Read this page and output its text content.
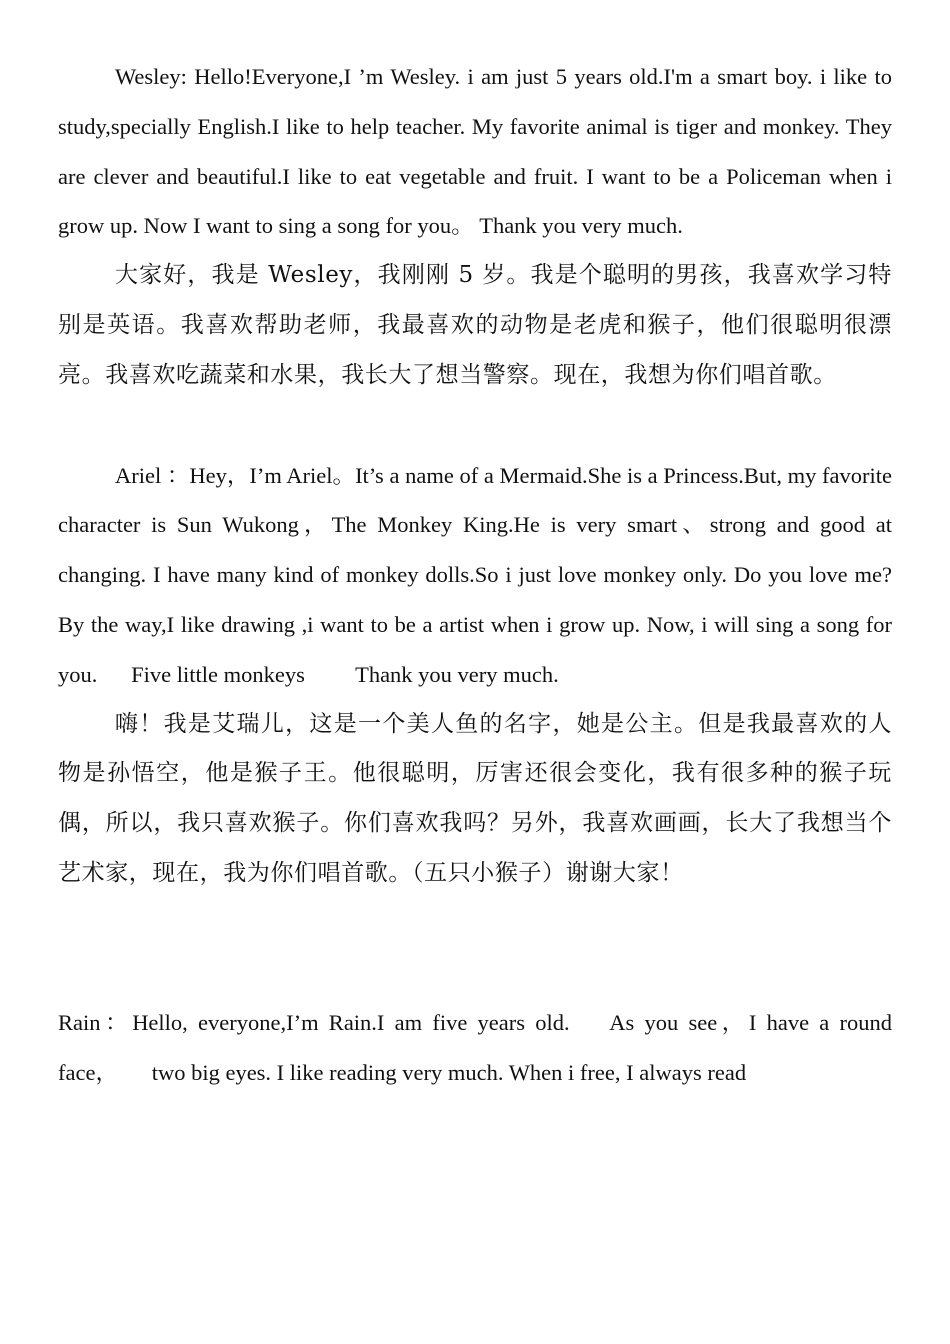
Wesley: Hello!Everyone,I ’m Wesley. i am just 5 years old.I'm a smart boy. i like to study,specially English.I like to help teacher. My favorite animal is tiger and monkey. They are clever and beautiful.I like to eat vegetable and fruit. I want to be a Policeman when i grow up. Now I want to sing a song for you。 Thank you very much.

大家好，我是 Wesley，我刚刚 5 岁。我是个聪明的男孩，我喜欢学习特别是英语。我喜欢帮助老师，我最喜欢的动物是老虎和猴子，他们很聪明很漂亮。我喜欢吃蔬菜和水果，我长大了想当警察。现在，我想为你们唱首歌。

Ariel ：Hey，I’m Ariel。It’s a name of a Mermaid.She is a Princess.But, my favorite character is Sun Wukong，The Monkey King.He is very smart、strong and good at changing. I have many kind of monkey dolls.So i just love monkey only. Do you love me? By the way,I like drawing ,i want to be a artist when i grow up. Now, i will sing a song for you.      Five little monkeys         Thank you very much.

嗨！我是艾瑞儿，这是一个美人鱼的名字，她是公主。但是我最喜欢的人物是孙悟空，他是猴子王。他很聪明，厉害还很会变化，我有很多种的猴子玩偶，所以，我只喜欢猴子。你们喜欢我吗？另外，我喜欢画画，长大了我想当个艺术家，现在，我为你们唱首歌。（五只小猴子）谢谢大家！

Rain：Hello, everyone,I’m Rain.I am five years old.    As you see，I have a round face，      two big eyes. I like reading very much. When i free, I always read
